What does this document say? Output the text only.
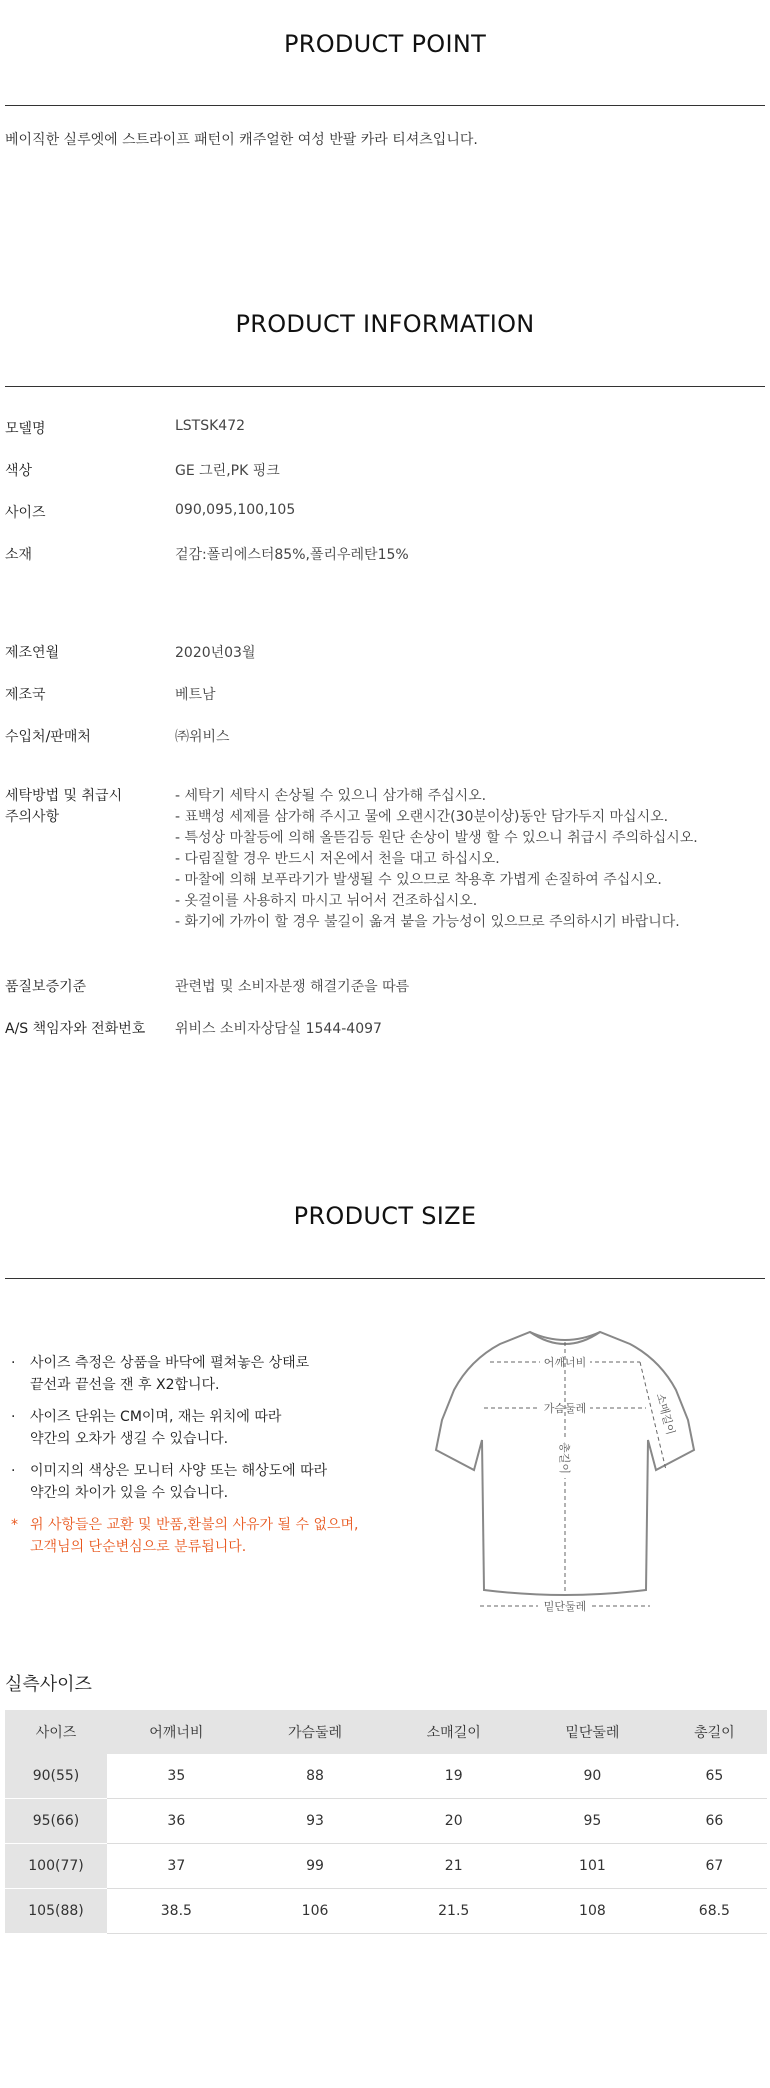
PRODUCT POINT
베이직한 실루엣에 스트라이프 패턴이 캐주얼한 여성 반팔 카라 티셔츠입니다.
PRODUCT INFORMATION
모델명	LSTSK472
색상	GE 그린,PK 핑크
사이즈	090,095,100,105
소재	겉감:폴리에스터85%,폴리우레탄15%
제조연월	2020년03월
제조국	베트남
수입처/판매처	㈜위비스
세탁방법 및 취급시
주의사항
- 세탁기 세탁시 손상될 수 있으니 삼가해 주십시오.
- 표백성 세제를 삼가해 주시고 물에 오랜시간(30분이상)동안 담가두지 마십시오.
- 특성상 마찰등에 의해 올뜯김등 원단 손상이 발생 할 수 있으니 취급시 주의하십시오.
- 다림질할 경우 반드시 저온에서 천을 대고 하십시오.
- 마찰에 의해 보푸라기가 발생될 수 있으므로 착용후 가볍게 손질하여 주십시오.
- 옷걸이를 사용하지 마시고 뉘어서 건조하십시오.
- 화기에 가까이 할 경우 불길이 옮겨 붙을 가능성이 있으므로 주의하시기 바랍니다.
품질보증기준	관련법 및 소비자분쟁 해결기준을 따름
A/S 책임자와 전화번호	위비스 소비자상담실 1544-4097
PRODUCT SIZE
· 사이즈 측정은 상품을 바닥에 펼쳐놓은 상태로
끝선과 끝선을 잰 후 X2합니다.
· 사이즈 단위는 CM이며, 재는 위치에 따라
약간의 오차가 생길 수 있습니다.
· 이미지의 색상은 모니터 사양 또는 해상도에 따라
약간의 차이가 있을 수 있습니다.
* 위 사항들은 교환 및 반품,환불의 사유가 될 수 없으며,
고객님의 단순변심으로 분류됩니다.
어깨너비
가슴둘레	소매길이
총길이
밑단둘레
실측사이즈
사이즈	어깨너비	가슴둘레	소매길이	밑단둘레	총길이
90(55)	35	88	19	90	65
95(66)	36	93	20	95	66
100(77)	37	99	21	101	67
105(88)	38.5	106	21.5	108	68.5
